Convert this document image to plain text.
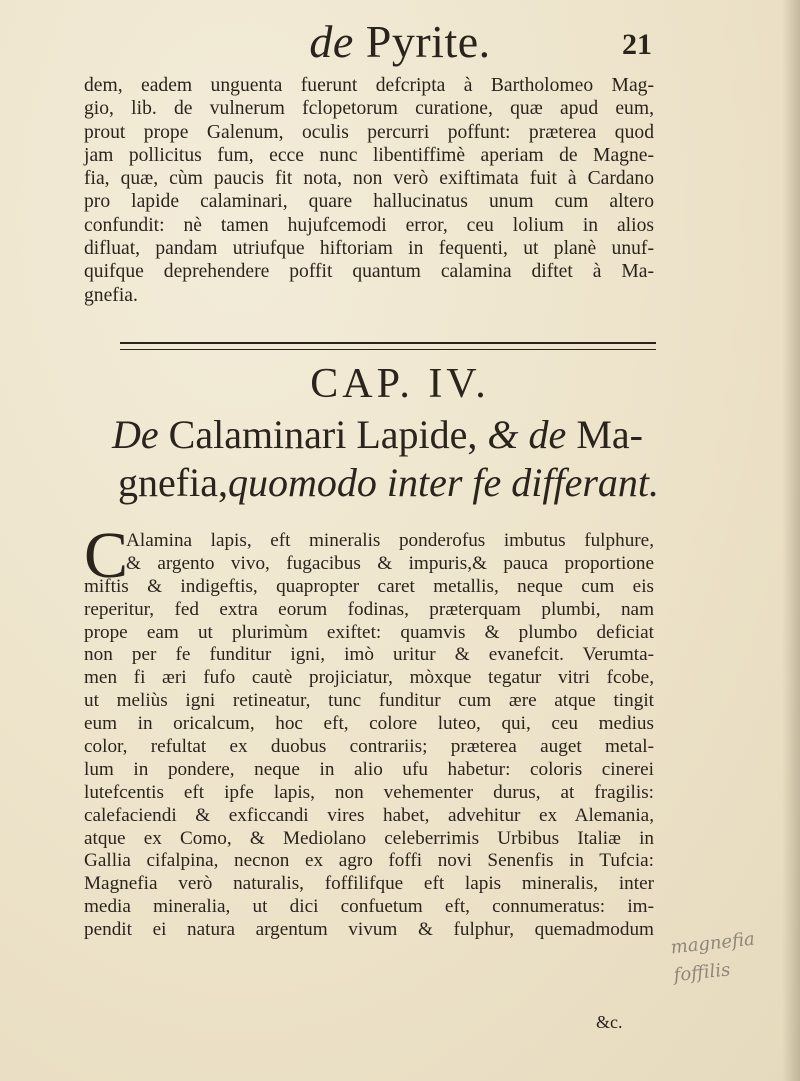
de Pyrite.	21
dem, eadem unguenta fuerunt defcripta à Bartholomeo Mag-
gio, lib. de vulnerum fclopetorum curatione, quæ apud eum,
prout prope Galenum, oculis percurri poffunt: præterea quod
jam pollicitus fum, ecce nunc libentiffimè aperiam de Magne-
fia, quæ, cùm paucis fit nota, non verò exiftimata fuit à Cardano
pro lapide calaminari, quare hallucinatus unum cum altero
confundit: nè tamen hujufcemodi error, ceu lolium in alios
difluat, pandam utriufque hiftoriam in fequenti, ut planè unuf-
quifque deprehendere poffit quantum calamina diftet à Ma-
gnefia.
CAP. IV.
De Calaminari Lapide, & de Ma-
gnefia,quomodo inter fe differant.
C
Alamina lapis, eft mineralis ponderofus imbutus fulphure,
& argento vivo, fugacibus & impuris,& pauca proportione
miftis & indigeftis, quapropter caret metallis, neque cum eis
reperitur, fed extra eorum fodinas, præterquam plumbi, nam
prope eam ut plurimùm exiftet: quamvis & plumbo deficiat
non per fe funditur igni, imò uritur & evanefcit. Verumta-
men fi æri fufo cautè projiciatur, mòxque tegatur vitri fcobe,
ut meliùs igni retineatur, tunc funditur cum ære atque tingit
eum in oricalcum, hoc eft, colore luteo, qui, ceu medius
color, refultat ex duobus contrariis; præterea auget metal-
lum in pondere, neque in alio ufu habetur: coloris cinerei
lutefcentis eft ipfe lapis, non vehementer durus, at fragilis:
calefaciendi & exficcandi vires habet, advehitur ex Alemania,
atque ex Como, & Mediolano celeberrimis Urbibus Italiæ in
Gallia cifalpina, necnon ex agro foffi novi Senenfis in Tufcia:
Magnefia verò naturalis, foffilifque eft lapis mineralis, inter
media mineralia, ut dici confuetum eft, connumeratus: im-
pendit ei natura argentum vivum & fulphur, quemadmodum
&c.
magnefia
foffilis
